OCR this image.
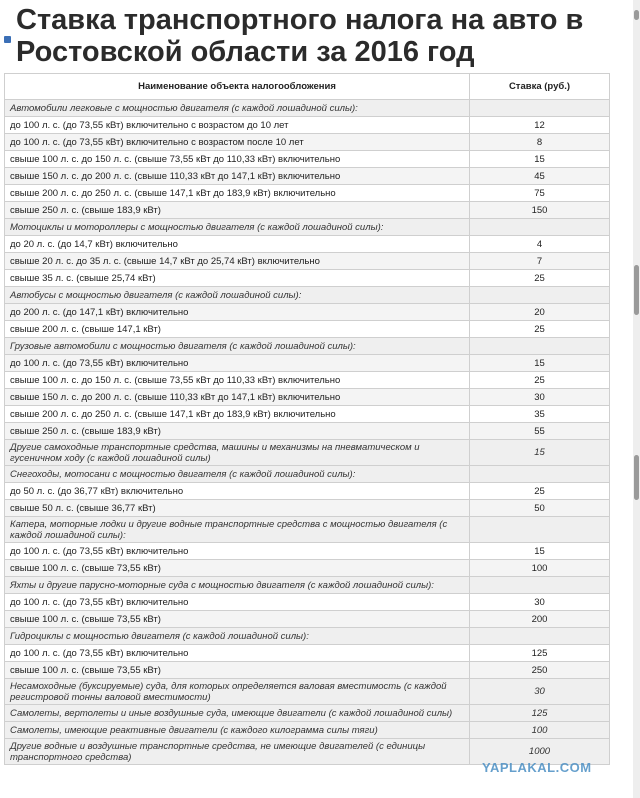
Ставка транспортного налога на авто в Ростовской области за 2016 год
Наименование объекта налогообложения	Ставка (руб.)
Автомобили легковые с мощностью двигателя (с каждой лошадиной силы):	
до 100 л. с. (до 73,55 кВт) включительно с возрастом до 10 лет	12
до 100 л. с. (до 73,55 кВт) включительно с возрастом после 10 лет	8
свыше 100 л. с. до 150 л. с. (свыше 73,55 кВт до 110,33 кВт) включительно	15
свыше 150 л. с. до 200 л. с. (свыше 110,33 кВт до 147,1 кВт) включительно	45
свыше 200 л. с. до 250 л. с. (свыше 147,1 кВт до 183,9 кВт) включительно	75
свыше 250 л. с. (свыше 183,9 кВт)	150
Мотоциклы и мотороллеры с мощностью двигателя (с каждой лошадиной силы):	
до 20 л. с. (до 14,7 кВт) включительно	4
свыше 20 л. с. до 35 л. с. (свыше 14,7 кВт до 25,74 кВт) включительно	7
свыше 35 л. с. (свыше 25,74 кВт)	25
Автобусы с мощностью двигателя (с каждой лошадиной силы):	
до 200 л. с. (до 147,1 кВт) включительно	20
свыше 200 л. с. (свыше 147,1 кВт)	25
Грузовые автомобили с мощностью двигателя (с каждой лошадиной силы):	
до 100 л. с. (до 73,55 кВт) включительно	15
свыше 100 л. с. до 150 л. с. (свыше 73,55 кВт до 110,33 кВт) включительно	25
свыше 150 л. с. до 200 л. с. (свыше 110,33 кВт до 147,1 кВт) включительно	30
свыше 200 л. с. до 250 л. с. (свыше 147,1 кВт до 183,9 кВт) включительно	35
свыше 250 л. с. (свыше 183,9 кВт)	55
Другие самоходные транспортные средства, машины и механизмы на пневматическом и гусеничном ходу (с каждой лошадиной силы)	15
Снегоходы, мотосани с мощностью двигателя (с каждой лошадиной силы):	
до 50 л. с. (до 36,77 кВт) включительно	25
свыше 50 л. с. (свыше 36,77 кВт)	50
Катера, моторные лодки и другие водные транспортные средства с мощностью двигателя (с каждой лошадиной силы):	
до 100 л. с. (до 73,55 кВт) включительно	15
свыше 100 л. с. (свыше 73,55 кВт)	100
Яхты и другие парусно-моторные суда с мощностью двигателя (с каждой лошадиной силы):	
до 100 л. с. (до 73,55 кВт) включительно	30
свыше 100 л. с. (свыше 73,55 кВт)	200
Гидроциклы с мощностью двигателя (с каждой лошадиной силы):	
до 100 л. с. (до 73,55 кВт) включительно	125
свыше 100 л. с. (свыше 73,55 кВт)	250
Несамоходные (буксируемые) суда, для которых определяется валовая вместимость (с каждой регистровой тонны валовой вместимости)	30
Самолеты, вертолеты и иные воздушные суда, имеющие двигатели (с каждой лошадиной силы)	125
Самолеты, имеющие реактивные двигатели (с каждого килограмма силы тяги)	100
Другие водные и воздушные транспортные средства, не имеющие двигателей (с единицы транспортного средства)	1000
YAPLAKAL.COM
